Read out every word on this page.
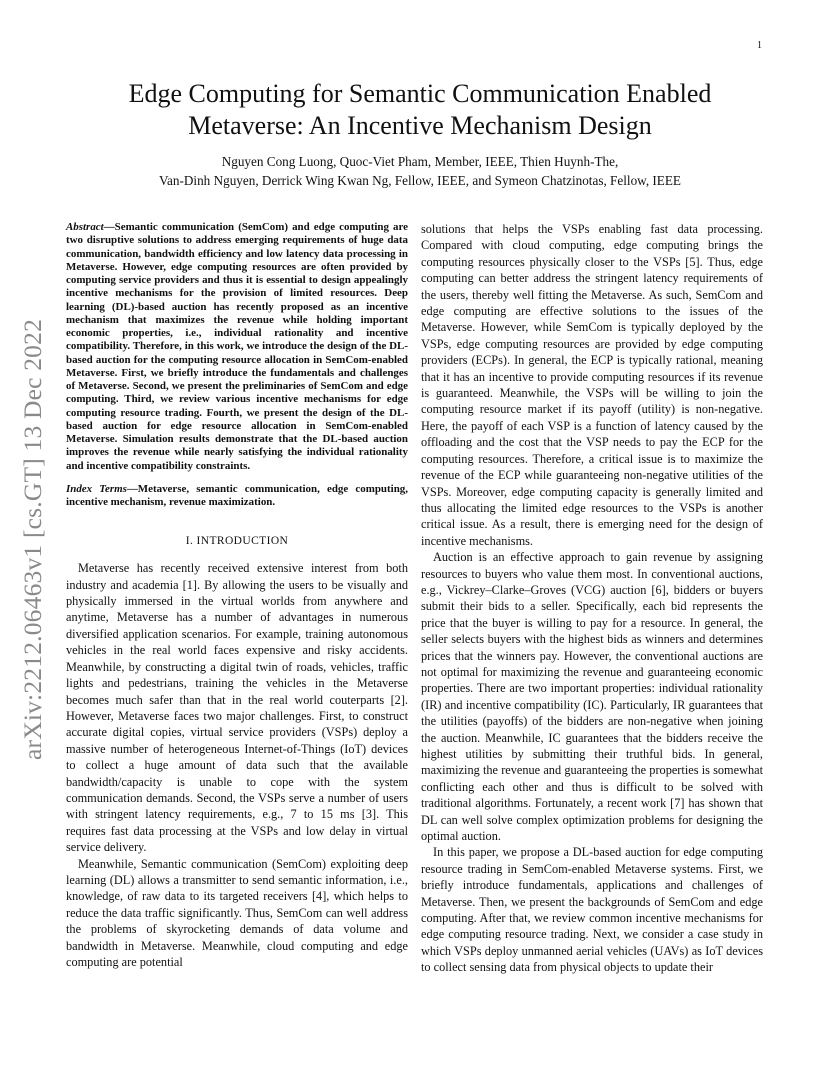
1
arXiv:2212.06463v1 [cs.GT] 13 Dec 2022
Edge Computing for Semantic Communication Enabled
Metaverse: An Incentive Mechanism Design
Nguyen Cong Luong, Quoc-Viet Pham, Member, IEEE, Thien Huynh-The,
Van-Dinh Nguyen, Derrick Wing Kwan Ng, Fellow, IEEE, and Symeon Chatzinotas, Fellow, IEEE

Abstract—Semantic communication (SemCom) and edge computing are two disruptive solutions to address emerging requirements of huge data communication, bandwidth efficiency and low latency data processing in Metaverse. However, edge computing resources are often provided by computing service providers and thus it is essential to design appealingly incentive mechanisms for the provision of limited resources. Deep learning (DL)-based auction has recently proposed as an incentive mechanism that maximizes the revenue while holding important economic properties, i.e., individual rationality and incentive compatibility. Therefore, in this work, we introduce the design of the DL-based auction for the computing resource allocation in SemCom-enabled Metaverse. First, we briefly introduce the fundamentals and challenges of Metaverse. Second, we present the preliminaries of SemCom and edge computing. Third, we review various incentive mechanisms for edge computing resource trading. Fourth, we present the design of the DL-based auction for edge resource allocation in SemCom-enabled Metaverse. Simulation results demonstrate that the DL-based auction improves the revenue while nearly satisfying the individual rationality and incentive compatibility constraints.

Index Terms—Metaverse, semantic communication, edge computing, incentive mechanism, revenue maximization.

I. INTRODUCTION

Metaverse has recently received extensive interest from both industry and academia [1]. By allowing the users to be visually and physically immersed in the virtual worlds from anywhere and anytime, Metaverse has a number of advantages in numerous diversified application scenarios. For example, training autonomous vehicles in the real world faces expensive and risky accidents. Meanwhile, by constructing a digital twin of roads, vehicles, traffic lights and pedestrians, training the vehicles in the Metaverse becomes much safer than that in the real world couterparts [2]. However, Metaverse faces two major challenges. First, to construct accurate digital copies, virtual service providers (VSPs) deploy a massive number of heterogeneous Internet-of-Things (IoT) devices to collect a huge amount of data such that the available bandwidth/capacity is unable to cope with the system communication demands. Second, the VSPs serve a number of users with stringent latency requirements, e.g., 7 to 15 ms [3]. This requires fast data processing at the VSPs and low delay in virtual service delivery.

Meanwhile, Semantic communication (SemCom) exploiting deep learning (DL) allows a transmitter to send semantic information, i.e., knowledge, of raw data to its targeted receivers [4], which helps to reduce the data traffic significantly. Thus, SemCom can well address the problems of skyrocketing demands of data volume and bandwidth in Metaverse. Meanwhile, cloud computing and edge computing are potential

solutions that helps the VSPs enabling fast data processing. Compared with cloud computing, edge computing brings the computing resources physically closer to the VSPs [5]. Thus, edge computing can better address the stringent latency requirements of the users, thereby well fitting the Metaverse. As such, SemCom and edge computing are effective solutions to the issues of the Metaverse. However, while SemCom is typically deployed by the VSPs, edge computing resources are provided by edge computing providers (ECPs). In general, the ECP is typically rational, meaning that it has an incentive to provide computing resources if its revenue is guaranteed. Meanwhile, the VSPs will be willing to join the computing resource market if its payoff (utility) is non-negative. Here, the payoff of each VSP is a function of latency caused by the offloading and the cost that the VSP needs to pay the ECP for the computing resources. Therefore, a critical issue is to maximize the revenue of the ECP while guaranteeing non-negative utilities of the VSPs. Moreover, edge computing capacity is generally limited and thus allocating the limited edge resources to the VSPs is another critical issue. As a result, there is emerging need for the design of incentive mechanisms.

Auction is an effective approach to gain revenue by assigning resources to buyers who value them most. In conventional auctions, e.g., Vickrey–Clarke–Groves (VCG) auction [6], bidders or buyers submit their bids to a seller. Specifically, each bid represents the price that the buyer is willing to pay for a resource. In general, the seller selects buyers with the highest bids as winners and determines prices that the winners pay. However, the conventional auctions are not optimal for maximizing the revenue and guaranteeing economic properties. There are two important properties: individual rationality (IR) and incentive compatibility (IC). Particularly, IR guarantees that the utilities (payoffs) of the bidders are non-negative when joining the auction. Meanwhile, IC guarantees that the bidders receive the highest utilities by submitting their truthful bids. In general, maximizing the revenue and guaranteeing the properties is somewhat conflicting each other and thus is difficult to be solved with traditional algorithms. Fortunately, a recent work [7] has shown that DL can well solve complex optimization problems for designing the optimal auction.

In this paper, we propose a DL-based auction for edge computing resource trading in SemCom-enabled Metaverse systems. First, we briefly introduce fundamentals, applications and challenges of Metaverse. Then, we present the backgrounds of SemCom and edge computing. After that, we review common incentive mechanisms for edge computing resource trading. Next, we consider a case study in which VSPs deploy unmanned aerial vehicles (UAVs) as IoT devices to collect sensing data from physical objects to update their
